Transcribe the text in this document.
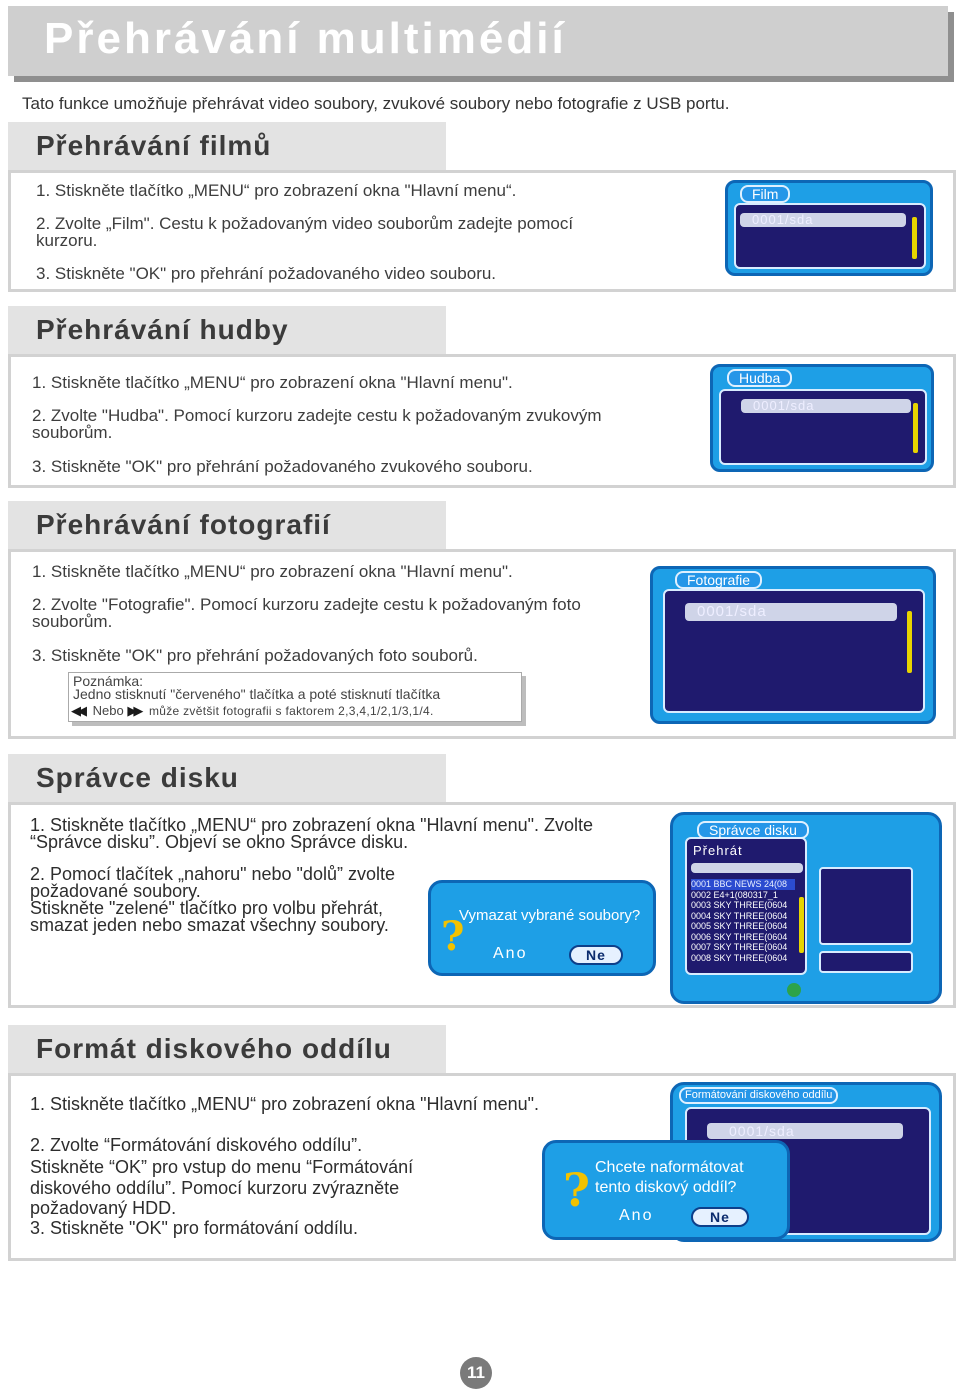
Přehrávání multimédií
Tato funkce umožňuje přehrávat video soubory, zvukové soubory nebo fotografie z USB portu.
Přehrávání filmů
1. Stiskněte tlačítko „MENU“ pro zobrazení okna "Hlavní menu“.
2. Zvolte „Film". Cestu k požadovaným video souborům zadejte pomocí
kurzoru.
3. Stiskněte "OK" pro přehrání požadovaného video souboru.
0001/sda
Film
Přehrávání hudby
1. Stiskněte tlačítko „MENU“ pro zobrazení okna "Hlavní menu".
2. Zvolte "Hudba". Pomocí kurzoru zadejte cestu k požadovaným zvukovým
souborům.
3. Stiskněte "OK" pro přehrání požadovaného zvukového souboru.
0001/sda
Hudba
Přehrávání fotografií
1. Stiskněte tlačítko „MENU“ pro zobrazení okna "Hlavní menu".
2. Zvolte "Fotografie". Pomocí kurzoru zadejte cestu k požadovaným foto
souborům.
3. Stiskněte "OK" pro přehrání požadovaných foto souborů.
Poznámka:
Jedno stisknutí "červeného" tlačítka a poté stisknutí tlačítka
◀◀ Nebo ▶▶ může zvětšit fotografii s faktorem 2,3,4,1/2,1/3,1/4.
0001/sda
Fotografie
Správce disku
1. Stiskněte tlačítko „MENU“ pro zobrazení okna "Hlavní menu". Zvolte
“Správce disku”. Objeví se okno Správce disku.
2. Pomocí tlačítek „nahoru" nebo "dolů” zvolte
požadované soubory.
Stiskněte "zelené" tlačítko pro volbu přehrát,
smazat jeden nebo smazat všechny soubory.
Přehrát
0001 BBC NEWS 24(08
0002 E4+1(080317_1
0003 SKY THREE(0604
0004 SKY THREE(0604
0005 SKY THREE(0604
0006 SKY THREE(0604
0007 SKY THREE(0604
0008 SKY THREE(0604
Správce disku
Vymazat vybrané soubory?
? Ano	Ne
Formát diskového oddílu
1. Stiskněte tlačítko „MENU“ pro zobrazení okna "Hlavní menu".
2. Zvolte “Formátování diskového oddílu”.
Stiskněte “OK” pro vstup do menu “Formátování
diskového oddílu”. Pomocí kurzoru zvýrazněte
požadovaný HDD.
3. Stiskněte "OK" pro formátování oddílu.
0001/sda
Formátování diskového oddílu
Chcete naformátovat
tento diskový oddíl?
? Ano	Ne
11
